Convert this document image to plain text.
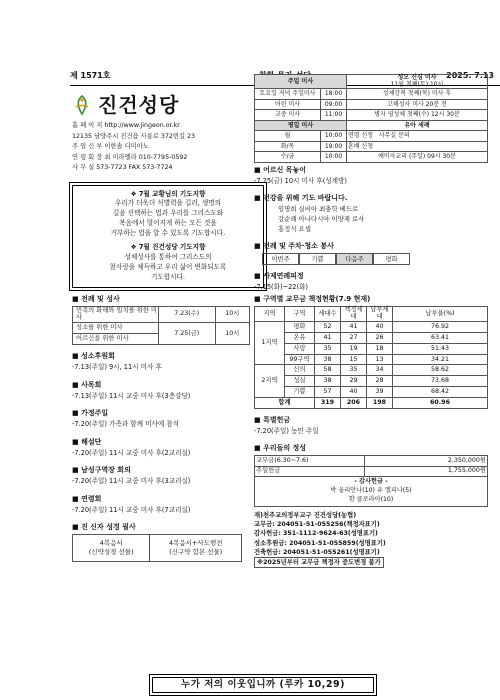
제 1571호	2025. 7.13
진건성당
홈 페 이 지 http://www.jingeon.or.kr
12135 남양주시 진건읍 사릉로 372번길 23
주 임 신 부 이한솔 디미아노
연 령 회 장 최 미라엘라 010-7795-0592
사 무 실 573-7723 FAX 573-7724
❖ 7월 교황님의 기도지향
우리가 더욱더 식별력을 길러, 생명의
길을 선택하는 법과 우리를 그리스도와
복음에서 멀어지게 하는 모든 것을
거부하는 법을 알 수 있도록 기도합시다.
❖ 7월 진건성당 기도지향
성체성사를 통하여 그리스도의
참사랑을 체득하고 우리 삶이 변화되도록
기도합시다.
■ 전례 및 성사
민족의 화해와 일치를 위한 미사	7.23(수)	10시
성소를 위한 미사	7.25(금)	10시
어르신을 위한 미사		
■ 성소후원회
-7.13(주일) 9시, 11시 미사 후
■ 사목회
-7.13(주일) 11시 교중 미사 후(3층강당)
■ 가정주일
-7.20(주일) 가족과 함께 미사에 참석
■ 해설단
-7.20(주일) 11시 교중 미사 후(2교리실)
■ 남성구역장 회의
-7.20(주일) 11시 교중 미사 후(3교리실)
■ 연령회
-7.20(주일) 11시 교중 미사 후(7교리실)
■ 진 신자 성경 필사
4복음서
(신약성경 선물)

4복음서+사도행전
(신구약 합본 선물)
주일 미사		성모 신심 미사
11월 첫째(토) 10시

토요일 저녁 주일미사	18:00	성체강복 첫째(목) 미사 후
어린 미사	09:00	고해성사 미사 20분 전
교중 미사	11:00	병자 영성체 첫째(수) 12시 30분
평일 미사		유아 세례
월	10:00	연령 신청 사무실 문의
화/목	19:00	혼배 신청
수/금	10:00	예비자교리 (주일) 09시 30분
■ 어르신 목놓이
-7.25(금) 10시 미사 후(성계방)
■ 건강을 위해 기도 바랍니다.
임명희 실비아 최충학 베드로
강순례 아나다시아 이양재 로사
홍정식 요셉
■ 전례 및 주차·청소 봉사
이번주	기쁨	다음주	평화
■ 사제연례피정
-7.15(화)~22(화)
■ 구역별 교무금 책정현황(7.9 현재)
지역	구역	세대수	책정세대	납부세대	납부율(%)
1지역	평화	52	41	40	76.92
	온유	41	27	26	63.41
	사랑	35	19	18	51.43
	99구역	38	15	13	34.21
2지역	신의	58	35	34	58.62
	성실	38	29	28	73.68
	기쁨	57	40	39	68.42
합계		319	206	198	60.96
■ 특별헌금
-7.20(주일) 농민 주일
■ 우리들의 정성
교무금(6.30~7.6)	2,350,000원
주일헌금	1,755,000원
- 감사헌금 -
박 울리안나(10) 유 엘피나(5)
함 클로라아(10)
재)천주교의정부교구 진건성당(농협)
교무금: 204051-51-055256(책정자표기)
감사헌금: 351-1112-9624-63(성명표기)
성소후원금: 204051-51-055859(성명표기)
건축헌금: 204051-51-055261(성명표기)
※2025년부터 교무금 책정자 중도변경 불가
누가 저의 이웃입니까 (루카 10,29)
